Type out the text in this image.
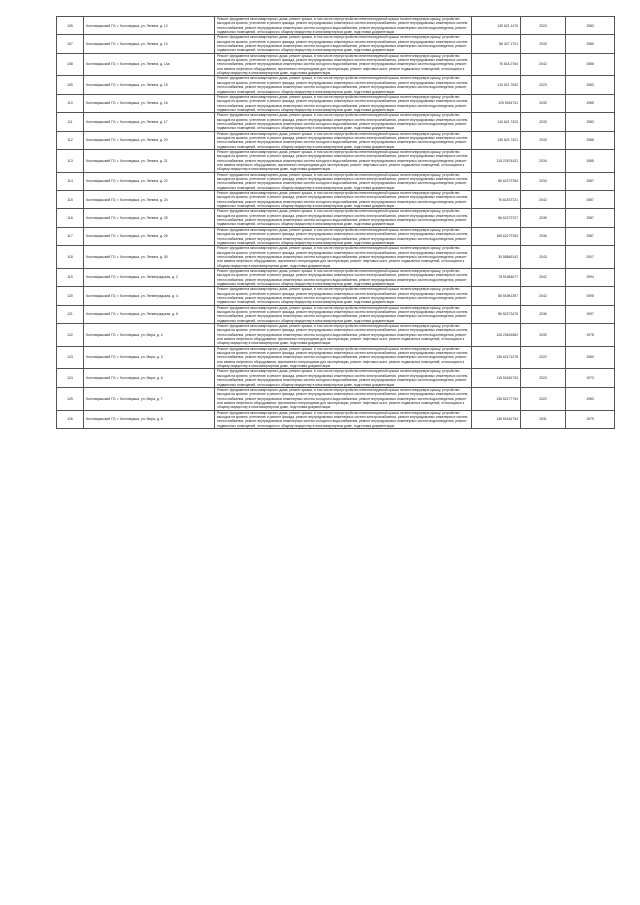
105	Костомукшский ГО, г. Костомукша, ул. Ленина, д. 12	Ремонт фундамента многоквартирного дома, ремонт крыши, в том числе переустройство невентилируемой крыши на вентилируемую крышу, устройство выходов на кровлю, утепление и ремонт фасада, ремонт внутридомовых инженерных систем электроснабжения, ремонт внутридомовых инженерных систем теплоснабжения, ремонт внутридомовых инженерных систем холодного водоснабжения, ремонт внутридомовых инженерных систем водоотведения, ремонт подвальных помещений, относящихся к общему имуществу в многоквартирном доме, подготовка документации	135 621 1476	2023	1983
107	Костомукшский ГО, г. Костомукша, ул. Ленина, д. 14	Ремонт фундамента многоквартирного дома, ремонт крыши, в том числе переустройство невентилируемой крыши на вентилируемую крышу, устройство выходов на кровлю, утепление и ремонт фасада, ремонт внутридомовых инженерных систем электроснабжения, ремонт внутридомовых инженерных систем теплоснабжения, ремонт внутридомовых инженерных систем холодного водоснабжения, ремонт внутридомовых инженерных систем водоотведения, ремонт подвальных помещений, относящихся к общему имуществу в многоквартирном доме, подготовка документации	86 327 1701	2033	1980
108	Костомукшский ГО, г. Костомукша, ул. Ленина, д. 14а	Ремонт фундамента многоквартирного дома, ремонт крыши, в том числе переустройство невентилируемой крыши на вентилируемую крышу, устройство выходов на кровлю, утепление и ремонт фасада, ремонт внутридомовых инженерных систем электроснабжения, ремонт внутридомовых инженерных систем теплоснабжения, ремонт внутридомовых инженерных систем холодного водоснабжения, ремонт внутридомовых инженерных систем водоотведения, ремонт или замена лифтового оборудования, признанного непригодным для эксплуатации, ремонт лифтовых шахт, ремонт подвальных помещений, относящихся к общему имуществу в многоквартирном доме, подготовка документации	76 618 2764	2042	1986
109	Костомукшский ГО, г. Костомукша, ул. Ленина, д. 15	Ремонт фундамента многоквартирного дома, ремонт крыши, в том числе переустройство невентилируемой крыши на вентилируемую крышу, устройство выходов на кровлю, утепление и ремонт фасада, ремонт внутридомовых инженерных систем электроснабжения, ремонт внутридомовых инженерных систем теплоснабжения, ремонт внутридомовых инженерных систем холодного водоснабжения, ремонт внутридомовых инженерных систем водоотведения, ремонт подвальных помещений, относящихся к общему имуществу в многоквартирном доме, подготовка документации	115 521 7542	2023	1983
110	Костомукшский ГО, г. Костомукша, ул. Ленина, д. 16	Ремонт фундамента многоквартирного дома, ремонт крыши, в том числе переустройство невентилируемой крыши на вентилируемую крышу, устройство выходов на кровлю, утепление и ремонт фасада, ремонт внутридомовых инженерных систем электроснабжения, ремонт внутридомовых инженерных систем теплоснабжения, ремонт внутридомовых инженерных систем холодного водоснабжения, ремонт внутридомовых инженерных систем водоотведения, ремонт подвальных помещений, относящихся к общему имуществу в многоквартирном доме, подготовка документации	125 5334731	2032	1985
111	Костомукшский ГО, г. Костомукша, ул. Ленина, д. 17	Ремонт фундамента многоквартирного дома, ремонт крыши, в том числе переустройство невентилируемой крыши на вентилируемую крышу, устройство выходов на кровлю, утепление и ремонт фасада, ремонт внутридомовых инженерных систем электроснабжения, ремонт внутридомовых инженерных систем теплоснабжения, ремонт внутридомовых инженерных систем холодного водоснабжения, ремонт внутридомовых инженерных систем водоотведения, ремонт подвальных помещений, относящихся к общему имуществу в многоквартирном доме, подготовка документации	116 621 7423	2033	1983
112	Костомукшский ГО, г. Костомукша, ул. Ленина, д. 20	Ремонт фундамента многоквартирного дома, ремонт крыши, в том числе переустройство невентилируемой крыши на вентилируемую крышу, устройство выходов на кровлю, утепление и ремонт фасада, ремонт внутридомовых инженерных систем электроснабжения, ремонт внутридомовых инженерных систем теплоснабжения, ремонт внутридомовых инженерных систем холодного водоснабжения, ремонт внутридомовых инженерных систем водоотведения, ремонт подвальных помещений, относящихся к общему имуществу в многоквартирном доме, подготовка документации	136 624 7421	2033	1986
113	Костомукшский ГО, г. Костомукша, ул. Ленина, д. 21	Ремонт фундамента многоквартирного дома, ремонт крыши, в том числе переустройство невентилируемой крыши на вентилируемую крышу, устройство выходов на кровлю, утепление и ремонт фасада, ремонт внутридомовых инженерных систем электроснабжения, ремонт внутридомовых инженерных систем теплоснабжения, ремонт внутридомовых инженерных систем холодного водоснабжения, ремонт внутридомовых инженерных систем водоотведения, ремонт или замена лифтового оборудования, признанного непригодным для эксплуатации, ремонт лифтовых шахт, ремонт подвальных помещений, относящихся к общему имуществу в многоквартирном доме, подготовка документации	115 22574431	2034	1985
114	Костомукшский ГО, г. Костомукша, ул. Ленина, д. 22	Ремонт фундамента многоквартирного дома, ремонт крыши, в том числе переустройство невентилируемой крыши на вентилируемую крышу, устройство выходов на кровлю, утепление и ремонт фасада, ремонт внутридомовых инженерных систем электроснабжения, ремонт внутридомовых инженерных систем теплоснабжения, ремонт внутридомовых инженерных систем холодного водоснабжения, ремонт внутридомовых инженерных систем водоотведения, ремонт подвальных помещений, относящихся к общему имуществу в многоквартирном доме, подготовка документации	86 62273784	2034	1987
115	Костомукшский ГО, г. Костомукша, ул. Ленина, д. 24	Ремонт фундамента многоквартирного дома, ремонт крыши, в том числе переустройство невентилируемой крыши на вентилируемую крышу, устройство выходов на кровлю, утепление и ремонт фасада, ремонт внутридомовых инженерных систем электроснабжения, ремонт внутридомовых инженерных систем теплоснабжения, ремонт внутридомовых инженерных систем холодного водоснабжения, ремонт внутридомовых инженерных систем водоотведения, ремонт подвальных помещений, относящихся к общему имуществу в многоквартирном доме, подготовка документации	76 61873721	2042	1987
116	Костомукшский ГО, г. Костомукша, ул. Ленина, д. 25	Ремонт фундамента многоквартирного дома, ремонт крыши, в том числе переустройство невентилируемой крыши на вентилируемую крышу, устройство выходов на кровлю, утепление и ремонт фасада, ремонт внутридомовых инженерных систем электроснабжения, ремонт внутридомовых инженерных систем теплоснабжения, ремонт внутридомовых инженерных систем холодного водоснабжения, ремонт внутридомовых инженерных систем водоотведения, ремонт подвальных помещений, относящихся к общему имуществу в многоквартирном доме, подготовка документации	86 62273707	2035	1987
117	Костомукшский ГО, г. Костомукша, ул. Ленина, д. 26	Ремонт фундамента многоквартирного дома, ремонт крыши, в том числе переустройство невентилируемой крыши на вентилируемую крышу, устройство выходов на кровлю, утепление и ремонт фасада, ремонт внутридомовых инженерных систем электроснабжения, ремонт внутридомовых инженерных систем теплоснабжения, ремонт внутридомовых инженерных систем холодного водоснабжения, ремонт внутридомовых инженерных систем водоотведения, ремонт подвальных помещений, относящихся к общему имуществу в многоквартирном доме, подготовка документации	165 62273784	2036	1987
118	Костомукшский ГО, г. Костомукша, ул. Ленина, д. 30	Ремонт фундамента многоквартирного дома, ремонт крыши, в том числе переустройство невентилируемой крыши на вентилируемую крышу, устройство выходов на кровлю, утепление и ремонт фасада, ремонт внутридомовых инженерных систем электроснабжения, ремонт внутридомовых инженерных систем теплоснабжения, ремонт внутридомовых инженерных систем холодного водоснабжения, ремонт внутридомовых инженерных систем водоотведения, ремонт или замена лифтового оборудования, признанного непригодным для эксплуатации, ремонт лифтовых шахт, ремонт подвальных помещений, относящихся к общему имуществу в многоквартирном доме, подготовка документации	30 58846142	2043	2007
119	Костомукшский ГО, г. Костомукша, ул. Ленинградская, д. 2	Ремонт фундамента многоквартирного дома, ремонт крыши, в том числе переустройство невентилируемой крыши на вентилируемую крышу, устройство выходов на кровлю, утепление и ремонт фасада, ремонт внутридомовых инженерных систем электроснабжения, ремонт внутридомовых инженерных систем теплоснабжения, ремонт внутридомовых инженерных систем холодного водоснабжения, ремонт внутридомовых инженерных систем водоотведения, ремонт подвальных помещений, относящихся к общему имуществу в многоквартирном доме, подготовка документации	75 51984677	2042	1994
120	Костомукшский ГО, г. Костомукша, ул. Ленинградская, д. 4	Ремонт фундамента многоквартирного дома, ремонт крыши, в том числе переустройство невентилируемой крыши на вентилируемую крышу, устройство выходов на кровлю, утепление и ремонт фасада, ремонт внутридомовых инженерных систем электроснабжения, ремонт внутридомовых инженерных систем теплоснабжения, ремонт внутридомовых инженерных систем холодного водоснабжения, ремонт внутридомовых инженерных систем водоотведения, ремонт подвальных помещений, относящихся к общему имуществу в многоквартирном доме, подготовка документации	86 51981397	2042	1995
121	Костомукшский ГО, г. Костомукша, ул. Ленинградская, д. 6	Ремонт фундамента многоквартирного дома, ремонт крыши, в том числе переустройство невентилируемой крыши на вентилируемую крышу, устройство выходов на кровлю, утепление и ремонт фасада, ремонт внутридомовых инженерных систем электроснабжения, ремонт внутридомовых инженерных систем теплоснабжения, ремонт внутридомовых инженерных систем холодного водоснабжения, ремонт внутридомовых инженерных систем водоотведения, ремонт подвальных помещений, относящихся к общему имуществу в многоквартирном доме, подготовка документации	86 52273476	2036	1997
122	Костомукшский ГО, г. Костомукша, ул. Мира, д. 4	Ремонт фундамента многоквартирного дома, ремонт крыши, в том числе переустройство невентилируемой крыши на вентилируемую крышу, устройство выходов на кровлю, утепление и ремонт фасада, ремонт внутридомовых инженерных систем электроснабжения, ремонт внутридомовых инженерных систем теплоснабжения, ремонт внутридомовых инженерных систем холодного водоснабжения, ремонт внутридомовых инженерных систем водоотведения, ремонт или замена лифтового оборудования, признанного непригодным для эксплуатации, ремонт лифтовых шахт, ремонт подвальных помещений, относящихся к общему имуществу в многоквартирном доме, подготовка документации	126 23461562	2030	1978
123	Костомукшский ГО, г. Костомукша, ул. Мира, д. 3	Ремонт фундамента многоквартирного дома, ремонт крыши, в том числе переустройство невентилируемой крыши на вентилируемую крышу, устройство выходов на кровлю, утепление и ремонт фасада, ремонт внутридомовых инженерных систем электроснабжения, ремонт внутридомовых инженерных систем теплоснабжения, ремонт внутридомовых инженерных систем холодного водоснабжения, ремонт внутридомовых инженерных систем водоотведения, ремонт или замена лифтового оборудования, признанного непригодным для эксплуатации, ремонт лифтовых шахт, ремонт подвальных помещений, относящихся к общему имуществу в многоквартирном доме, подготовка документации	136 62171278	2022	1980
124	Костомукшский ГО, г. Костомукша, ул. Мира, д. 6	Ремонт фундамента многоквартирного дома, ремонт крыши, в том числе переустройство невентилируемой крыши на вентилируемую крышу, устройство выходов на кровлю, утепление и ремонт фасада, ремонт внутридомовых инженерных систем электроснабжения, ремонт внутридомовых инженерных систем теплоснабжения, ремонт внутридомовых инженерных систем холодного водоснабжения, ремонт внутридомовых инженерных систем водоотведения, ремонт подвальных помещений, относящихся к общему имуществу в многоквартирном доме, подготовка документации	115 52481734	2023	1973
125	Костомукшский ГО, г. Костомукша, ул. Мира, д. 7	Ремонт фундамента многоквартирного дома, ремонт крыши, в том числе переустройство невентилируемой крыши на вентилируемую крышу, устройство выходов на кровлю, утепление и ремонт фасада, ремонт внутридомовых инженерных систем электроснабжения, ремонт внутридомовых инженерных систем теплоснабжения, ремонт внутридомовых инженерных систем холодного водоснабжения, ремонт внутридомовых инженерных систем водоотведения, ремонт или замена лифтового оборудования, признанного непригодным для эксплуатации, ремонт лифтовых шахт, ремонт подвальных помещений, относящихся к общему имуществу в многоквартирном доме, подготовка документации	136 52177734	2022	1983
126	Костомукшский ГО, г. Костомукша, ул. Мира, д. 8	Ремонт фундамента многоквартирного дома, ремонт крыши, в том числе переустройство невентилируемой крыши на вентилируемую крышу, устройство выходов на кровлю, утепление и ремонт фасада, ремонт внутридомовых инженерных систем электроснабжения, ремонт внутридомовых инженерных систем теплоснабжения, ремонт внутридомовых инженерных систем холодного водоснабжения, ремонт внутридомовых инженерных систем водоотведения, ремонт подвальных помещений, относящихся к общему имуществу в многоквартирном доме, подготовка документации	136 52461734	2031	1979
